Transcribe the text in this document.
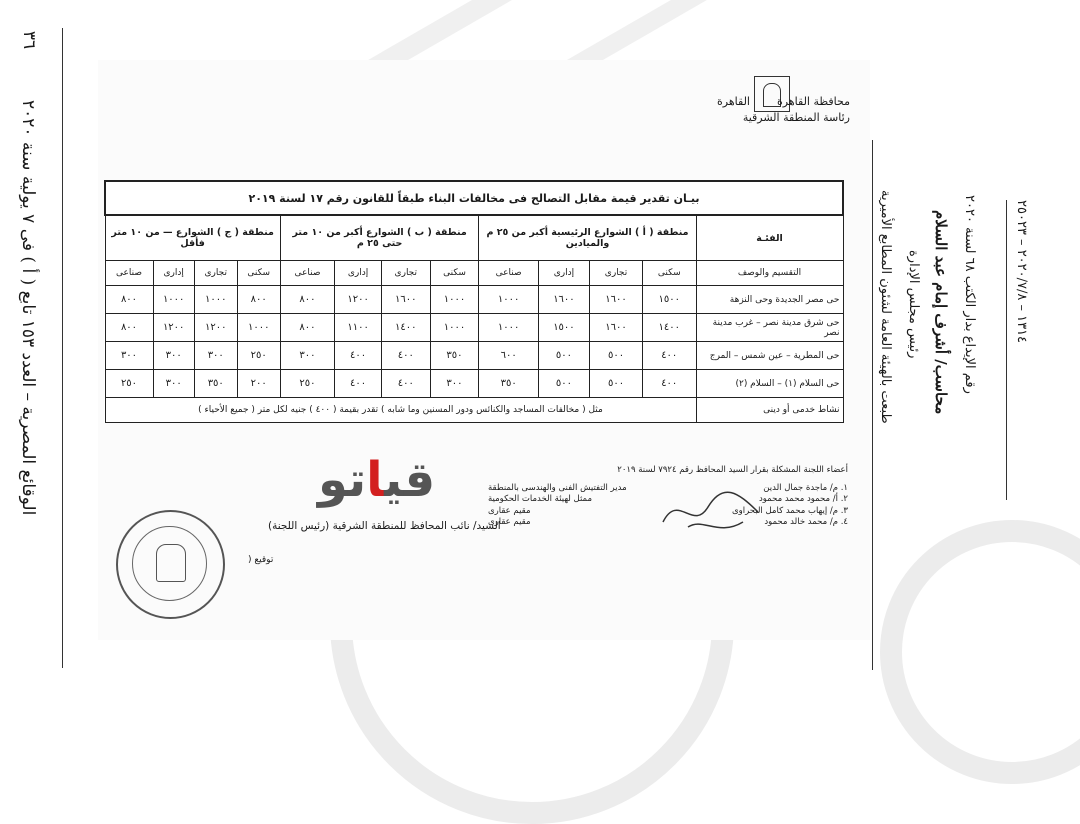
٣٦
الوقائع المصرية – العدد ١٥٣ تابع ( أ ) فى ٧ يولية سنة ٢٠٢٠
طبعت بالهيئة العامة لشئون المطابع الأميرية رئيس مجلس الإدارة محاسب/ أشرف إمام عبد السلام
رقم الإيداع بدار الكتب ٦٨ لسنة ٢٠٢٠
١٣١٤ – ٢٠٢٠/٧/٨ – ٢٥٠٢٣
محافظة القاهرة
القاهرة
رئاسة المنطقة الشرقية
بيـان تقدير قيمة مقابل التصالح فى مخالفات البناء طبقاً للقانون رقم ١٧ لسنة ٢٠١٩												
الفئـة	منطقة ( أ ) الشوارع الرئيسية أكبر من ٢٥ م والميادين				منطقة ( ب ) الشوارع أكبر من ١٠ متر حتى ٢٥ م				منطقة ( ج ) الشوارع — من ١٠ متر فأقل			
التقسيم والوصف	سكنى	تجارى	إدارى	صناعى	سكنى	تجارى	إدارى	صناعى	سكنى	تجارى	إدارى	صناعى
حى مصر الجديدة وحى النزهة	١٥٠٠	١٦٠٠	١٦٠٠	١٠٠٠	١٠٠٠	١٦٠٠	١٢٠٠	٨٠٠	٨٠٠	١٠٠٠	١٠٠٠	٨٠٠
حى شرق مدينة نصر – غرب مدينة نصر	١٤٠٠	١٦٠٠	١٥٠٠	١٠٠٠	١٠٠٠	١٤٠٠	١١٠٠	٨٠٠	١٠٠٠	١٢٠٠	١٢٠٠	٨٠٠
حى المطرية – عين شمس – المرج	٤٠٠	٥٠٠	٥٠٠	٦٠٠	٣٥٠	٤٠٠	٤٠٠	٣٠٠	٢٥٠	٣٠٠	٣٠٠	٣٠٠
حى السلام (١) – السلام (٢)	٤٠٠	٥٠٠	٥٠٠	٣٥٠	٣٠٠	٤٠٠	٤٠٠	٢٥٠	٢٠٠	٣٥٠	٣٠٠	٢٥٠
نشاط خدمى أو دينى	مثل ( مخالفات المساجد والكنائس ودور المسنين وما شابه ) تقدر بقيمة ( ٤٠٠ ) جنيه لكل متر ( جميع الأحياء )											
قياتو	أعضاء اللجنة المشكلة بقرار السيد المحافظ رقم ٧٩٢٤ لسنة ٢٠١٩
١. م/ ماجدة جمال الدين
مدير التفتيش الفنى والهندسى بالمنطقة
٢. أ/ محمود محمد محمود
ممثل لهيئة الخدمات الحكومية
٣. م/ إيهاب محمد كامل البحراوى
مقيم عقارى
٤. م/ محمد خالد محمود
مقيم عقارى
السيد/ نائب المحافظ للمنطقة الشرقية (رئيس اللجنة)
توقيع (
